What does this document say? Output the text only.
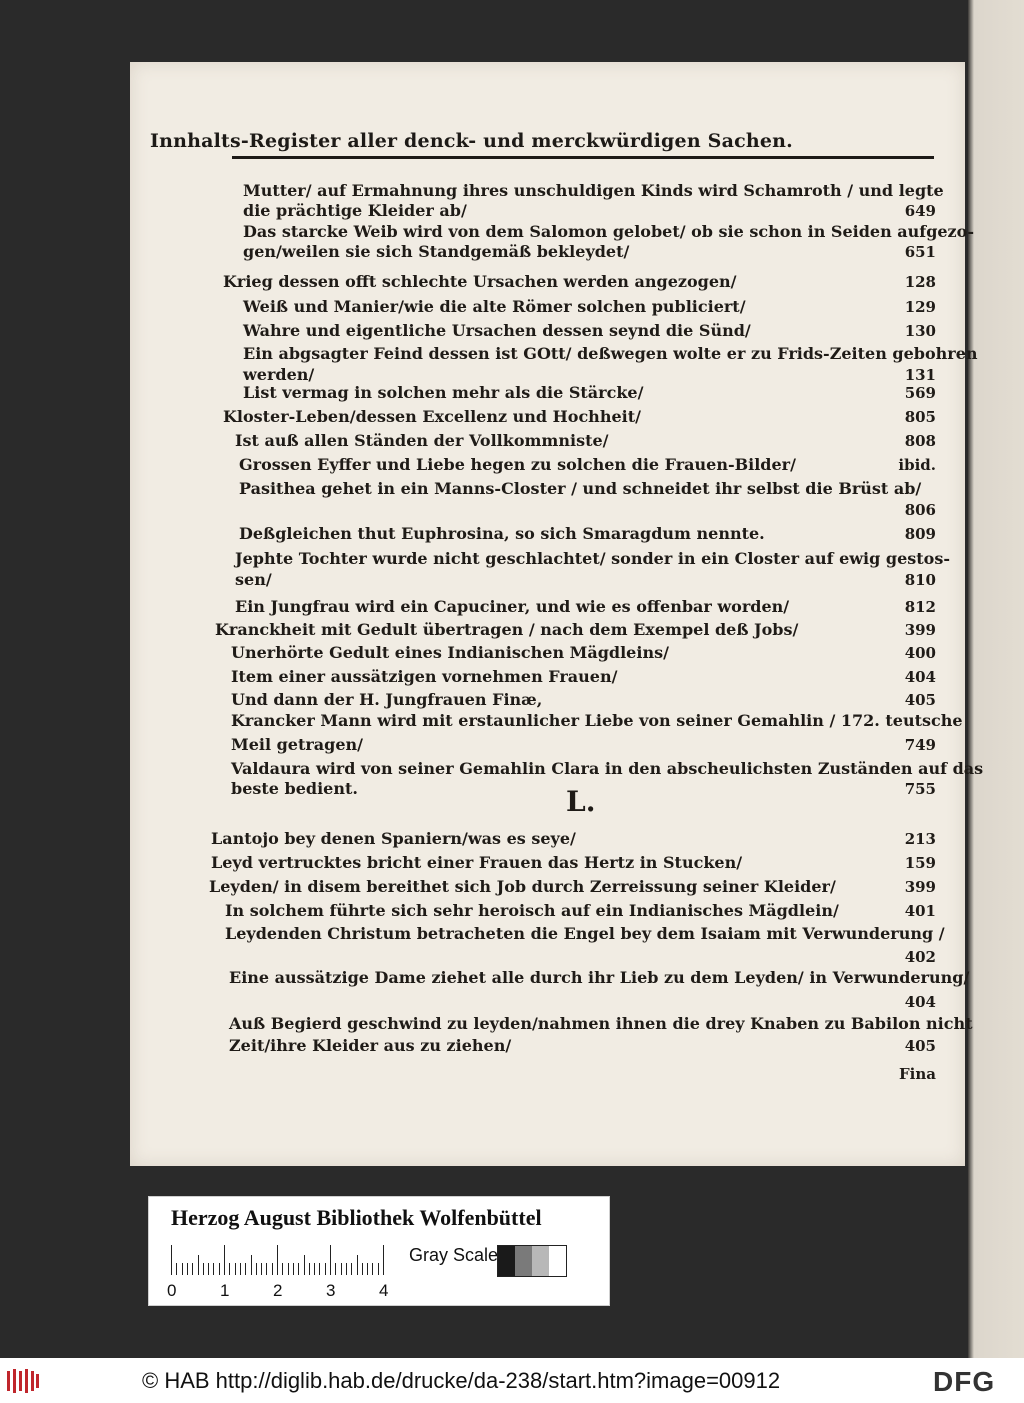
Innhalts-Register aller denck- und merckwürdigen Sachen.
Mutter/ auf Ermahnung ihres unschuldigen Kinds wird Schamroth / und legte
die prächtige Kleider ab/	649
Das starcke Weib wird von dem Salomon gelobet/ ob sie schon in Seiden aufgezo-
gen/weilen sie sich Standgemäß bekleydet/	651
Krieg dessen offt schlechte Ursachen werden angezogen/	128
Weiß und Manier/wie die alte Römer solchen publiciert/	129
Wahre und eigentliche Ursachen dessen seynd die Sünd/	130
Ein abgsagter Feind dessen ist GOtt/ deßwegen wolte er zu Frids-Zeiten gebohren
werden/	131
List vermag in solchen mehr als die Stärcke/	569
Kloster-Leben/dessen Excellenz und Hochheit/	805
Ist auß allen Ständen der Vollkommniste/	808
Grossen Eyffer und Liebe hegen zu solchen die Frauen-Bilder/	ibid.
Pasithea gehet in ein Manns-Closter / und schneidet ihr selbst die Brüst ab/
806
Deßgleichen thut Euphrosina, so sich Smaragdum nennte.	809
Jephte Tochter wurde nicht geschlachtet/ sonder in ein Closter auf ewig gestos-
sen/	810
Ein Jungfrau wird ein Capuciner, und wie es offenbar worden/	812
Kranckheit mit Gedult übertragen / nach dem Exempel deß Jobs/	399
Unerhörte Gedult eines Indianischen Mägdleins/	400
Item einer aussätzigen vornehmen Frauen/	404
Und dann der H. Jungfrauen Finæ,	405
Krancker Mann wird mit erstaunlicher Liebe von seiner Gemahlin / 172. teutsche
Meil getragen/	749
Valdaura wird von seiner Gemahlin Clara in den abscheulichsten Zuständen auf das
beste bedient.	755
Lantojo bey denen Spaniern/was es seye/	213
Leyd vertrucktes bricht einer Frauen das Hertz in Stucken/	159
Leyden/ in disem bereithet sich Job durch Zerreissung seiner Kleider/	399
In solchem führte sich sehr heroisch auf ein Indianisches Mägdlein/	401
Leydenden Christum betracheten die Engel bey dem Isaiam mit Verwunderung /
402
Eine aussätzige Dame ziehet alle durch ihr Lieb zu dem Leyden/ in Verwunderung/
404
Auß Begierd geschwind zu leyden/nahmen ihnen die drey Knaben zu Babilon nicht
Zeit/ihre Kleider aus zu ziehen/	405
Fina
Herzog August Bibliothek Wolfenbüttel
0	1	2	3	4
Gray Scale
© HAB http://diglib.hab.de/drucke/da-238/start.htm?image=00912	DFG
L.
